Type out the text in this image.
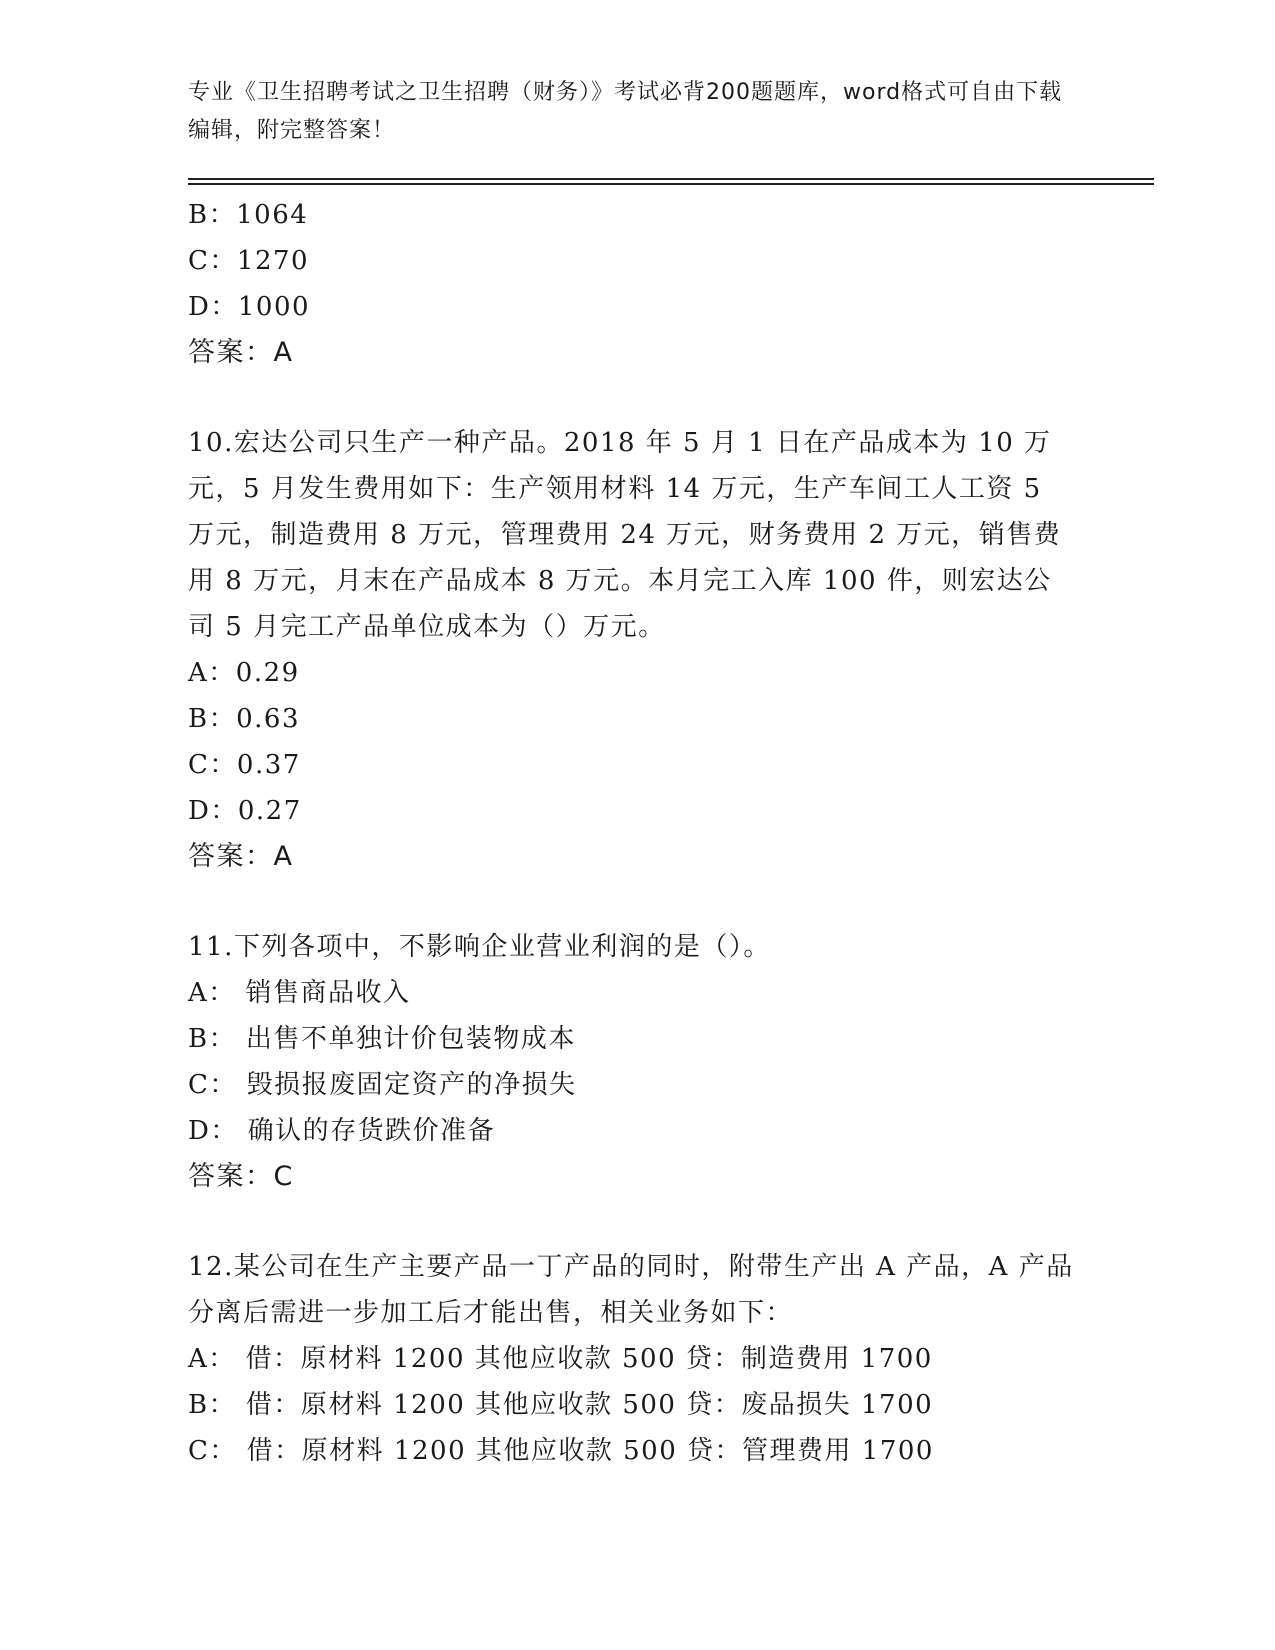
专业《卫生招聘考试之卫生招聘（财务）》考试必背200题题库，word格式可自由下载编辑，附完整答案！
B：1064
C：1270
D：1000
答案：A
10.宏达公司只生产一种产品。2018 年 5 月 1 日在产品成本为 10 万元，5 月发生费用如下：生产领用材料 14 万元，生产车间工人工资 5 万元，制造费用 8 万元，管理费用 24 万元，财务费用 2 万元，销售费用 8 万元，月末在产品成本 8 万元。本月完工入库 100 件，则宏达公司 5 月完工产品单位成本为（）万元。
A：0.29
B：0.63
C：0.37
D：0.27
答案：A
11.下列各项中，不影响企业营业利润的是（）。
A： 销售商品收入
B： 出售不单独计价包装物成本
C： 毁损报废固定资产的净损失
D： 确认的存货跌价准备
答案：C
12.某公司在生产主要产品一丁产品的同时，附带生产出 A 产品，A 产品分离后需进一步加工后才能出售，相关业务如下：
A： 借：原材料 1200 其他应收款 500 贷：制造费用 1700
B： 借：原材料 1200 其他应收款 500 贷：废品损失 1700
C： 借：原材料 1200 其他应收款 500 贷：管理费用 1700
